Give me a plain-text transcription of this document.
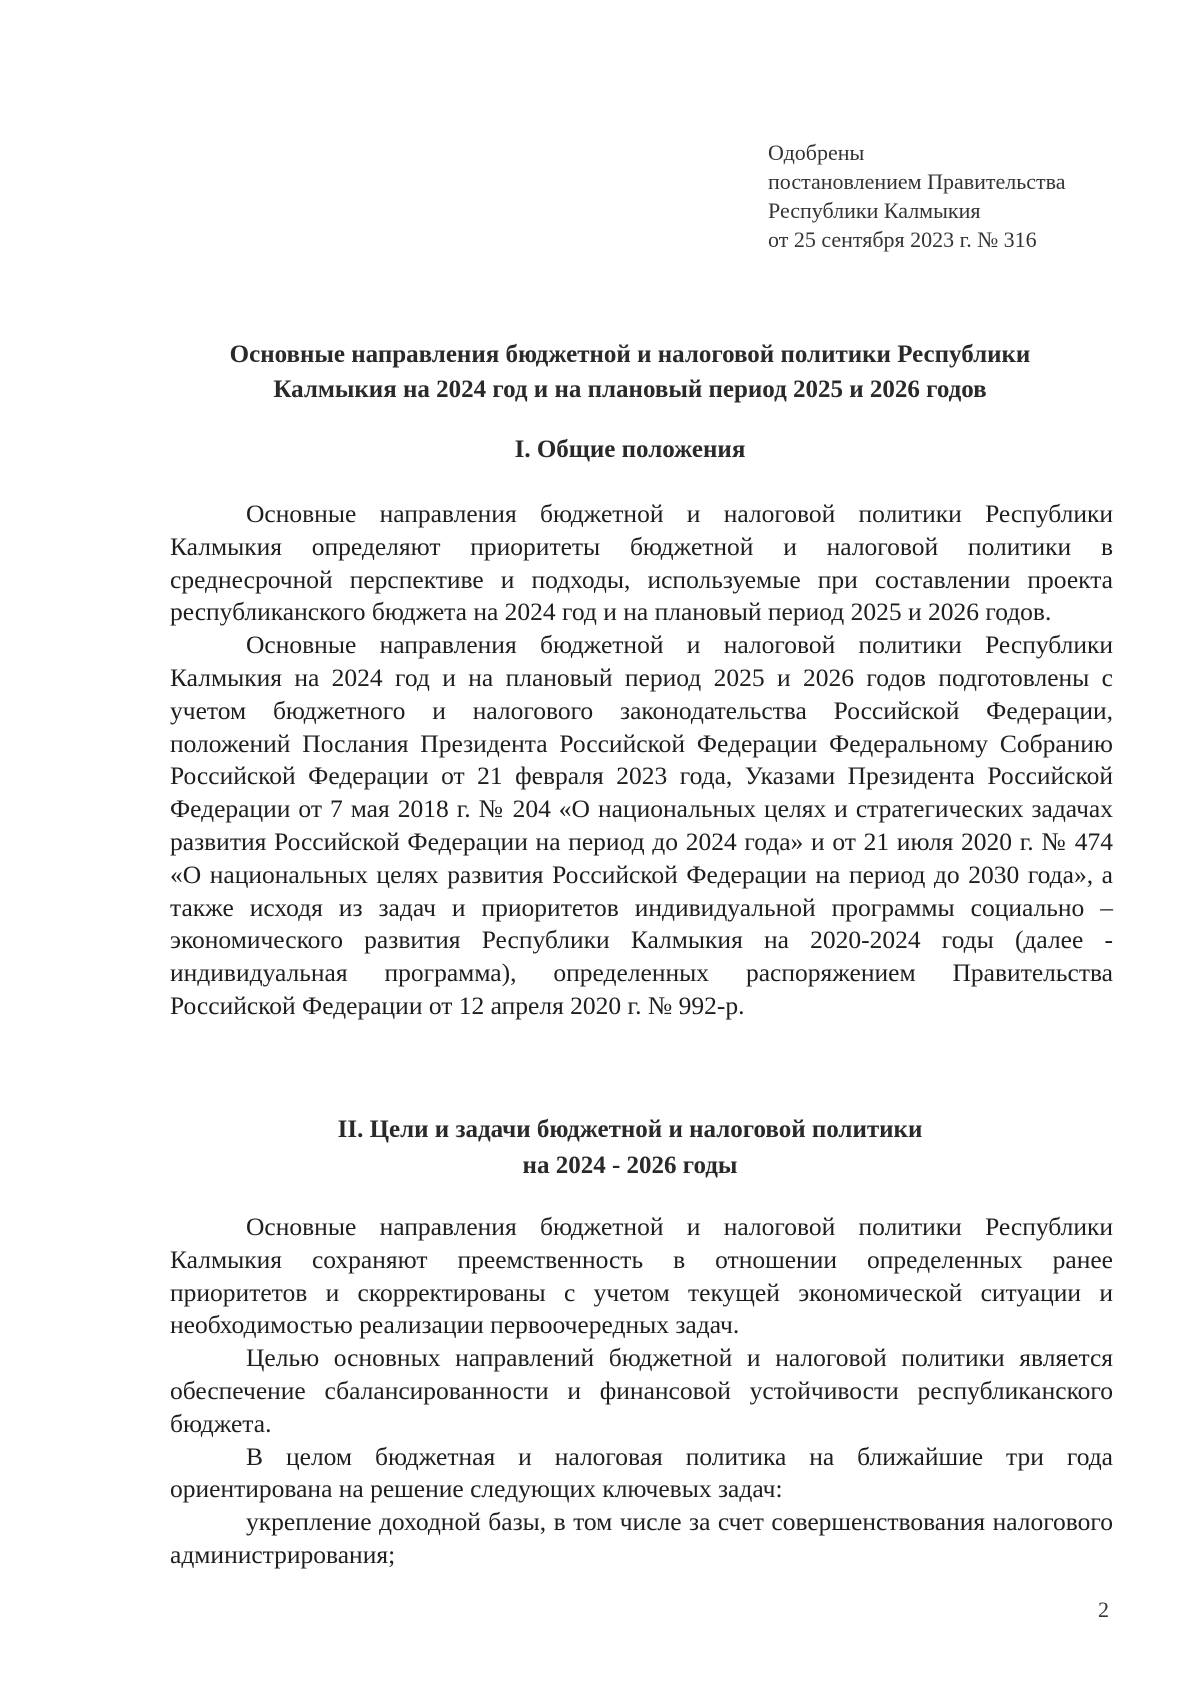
Одобрены
постановлением Правительства
Республики Калмыкия
от 25 сентября 2023 г. № 316
Основные направления бюджетной и налоговой политики Республики
Калмыкия на 2024 год и на плановый период 2025 и 2026 годов
I. Общие положения

Основные направления бюджетной и налоговой политики Республики Калмыкия определяют приоритеты бюджетной и налоговой политики в среднесрочной перспективе и подходы, используемые при составлении проекта республиканского бюджета на 2024 год и на плановый период 2025 и 2026 годов.

Основные направления бюджетной и налоговой политики Республики Калмыкия на 2024 год и на плановый период 2025 и 2026 годов подготовлены с учетом бюджетного и налогового законодательства Российской Федерации, положений Послания Президента Российской Федерации Федеральному Собранию Российской Федерации от 21 февраля 2023 года, Указами Президента Российской Федерации от 7 мая 2018 г. № 204 «О национальных целях и стратегических задачах развития Российской Федерации на период до 2024 года» и от 21 июля 2020 г. № 474 «О национальных целях развития Российской Федерации на период до 2030 года», а также исходя из задач и приоритетов индивидуальной программы социально – экономического развития Республики Калмыкия на 2020-2024 годы (далее - индивидуальная программа), определенных распоряжением Правительства Российской Федерации от 12 апреля 2020 г. № 992-р.

II. Цели и задачи бюджетной и налоговой политики
на 2024 - 2026 годы

Основные направления бюджетной и налоговой политики Республики Калмыкия сохраняют преемственность в отношении определенных ранее приоритетов и скорректированы с учетом текущей экономической ситуации и необходимостью реализации первоочередных задач.

Целью основных направлений бюджетной и налоговой политики является обеспечение сбалансированности и финансовой устойчивости республиканского бюджета.

В целом бюджетная и налоговая политика на ближайшие три года ориентирована на решение следующих ключевых задач:

укрепление доходной базы, в том числе за счет совершенствования налогового администрирования;

2
